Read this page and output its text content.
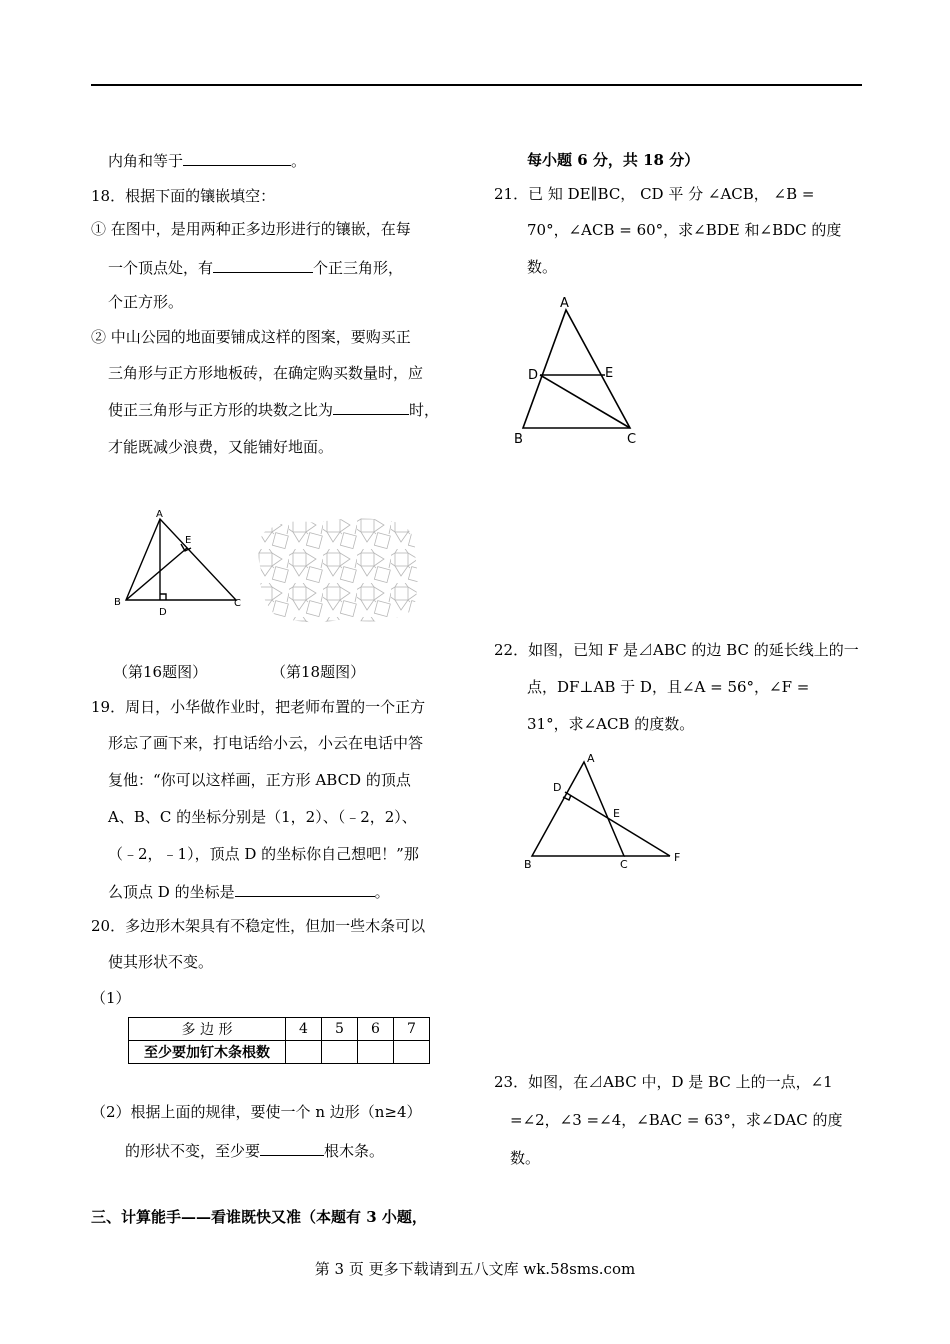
内角和等于	。
18．根据下面的镶嵌填空：
① 在图中，是用两种正多边形进行的镶嵌，在每
一个顶点处，有	个正三角形，
个正方形。
② 中山公园的地面要铺成这样的图案，要购买正
三角形与正方形地板砖，在确定购买数量时，应
使正三角形与正方形的块数之比为	时，
才能既减少浪费，又能铺好地面。
A
B	C
D
E
（第16题图）	（第18题图）
19．周日，小华做作业时，把老师布置的一个正方
形忘了画下来，打电话给小云，小云在电话中答
复他：“你可以这样画，正方形 ABCD 的顶点
A、B、C 的坐标分别是（1，2）、（﹣2，2）、
（﹣2，﹣1），顶点 D 的坐标你自己想吧！”那
么顶点 D 的坐标是	。
20．多边形木架具有不稳定性，但加一些木条可以
使其形状不变。
（1）
多 边 形	4	5	6	7
至少要加钉木条根数				
（2）根据上面的规律，要使一个 n 边形（n≥4）
的形状不变，至少要	根木条。
三、计算能手——看谁既快又准（本题有 3 小题，
每小题 6 分，共 18 分）
21．已 知 DE∥BC， CD 平 分 ∠ACB， ∠B =
70°，∠ACB = 60°，求∠BDE 和∠BDC 的度
数。
A
D	E
B	C
22．如图，已知 F 是⊿ABC 的边 BC 的延长线上的一
点，DF⊥AB 于 D，且∠A = 56°，∠F =
31°，求∠ACB 的度数。
A
D
E
B	C
F
23．如图，在⊿ABC 中，D 是 BC 上的一点，∠1
=∠2，∠3 =∠4，∠BAC = 63°，求∠DAC 的度
数。
第 3 页 更多下载请到五八文库 wk.58sms.com
